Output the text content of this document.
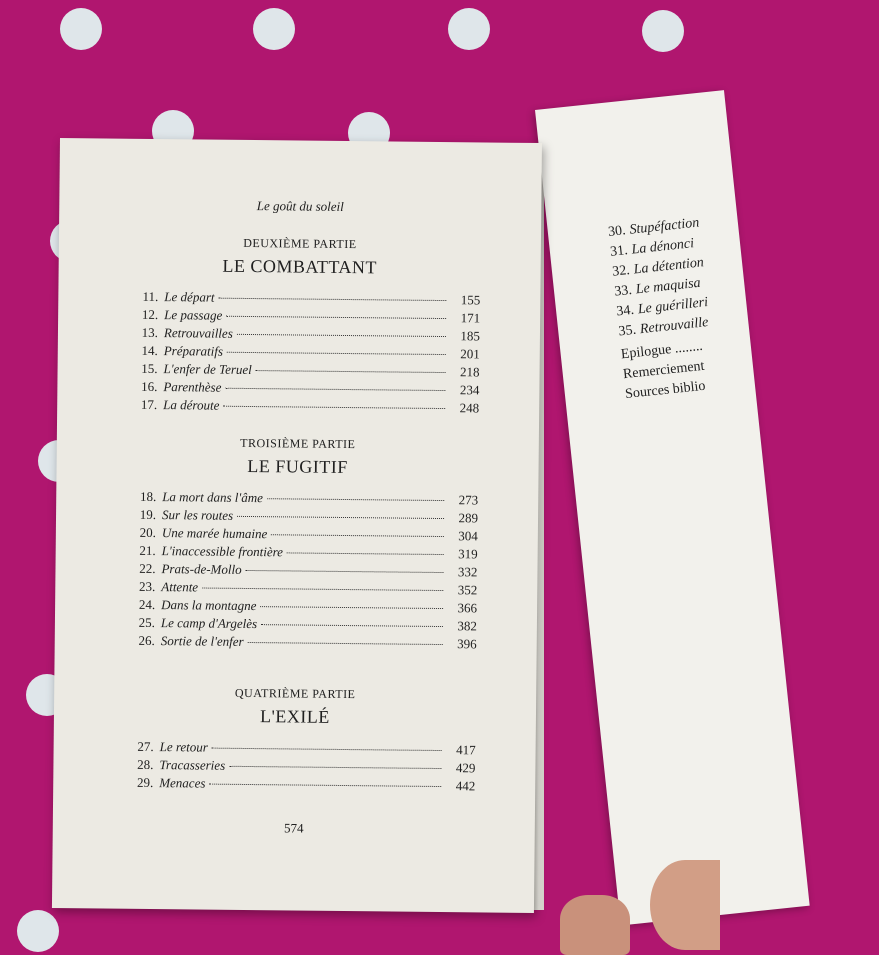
30. Stupéfaction
31. La dénonci
32. La détention
33. Le maquisa
34. Le guérilleri
35. Retrouvaille
Epilogue ........
Remerciement
Sources biblio
Le goût du soleil
DEUXIÈME PARTIE
LE COMBATTANT
11. Le départ	155
12. Le passage	171
13. Retrouvailles	185
14. Préparatifs	201
15. L'enfer de Teruel	218
16. Parenthèse	234
17. La déroute	248
TROISIÈME PARTIE
LE FUGITIF
18. La mort dans l'âme	273
19. Sur les routes	289
20. Une marée humaine	304
21. L'inaccessible frontière	319
22. Prats-de-Mollo	332
23. Attente	352
24. Dans la montagne	366
25. Le camp d'Argelès	382
26. Sortie de l'enfer	396
QUATRIÈME PARTIE
L'EXILÉ
27. Le retour	417
28. Tracasseries	429
29. Menaces	442
574
